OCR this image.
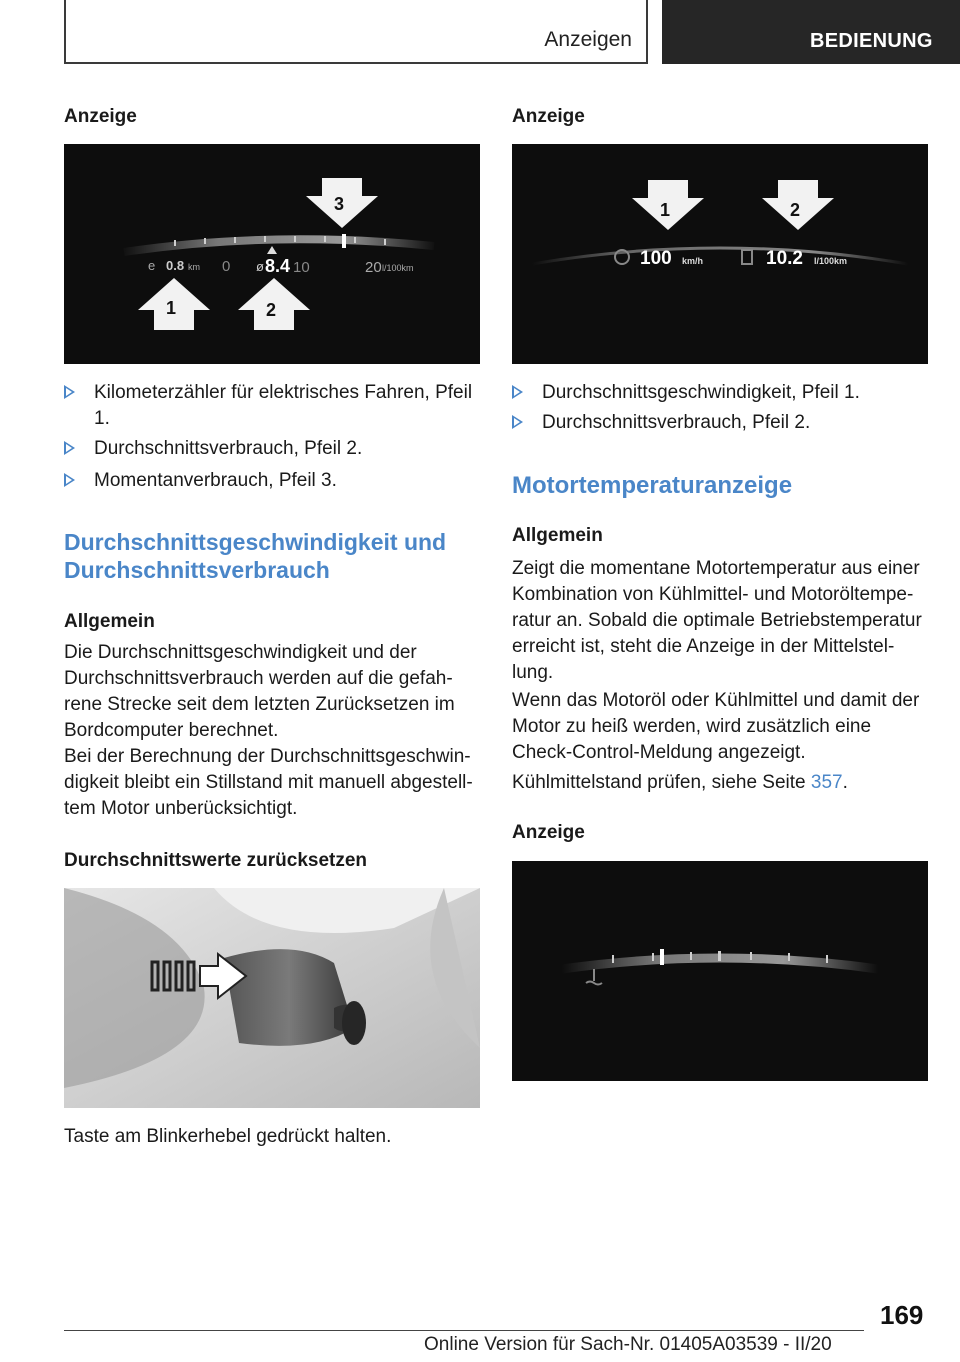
Anzeigen	BEDIENUNG
Anzeige
e 0.8 km 0 ø 8.4 10	20 l/100km
3
1	2
Kilometerzähler für elektrisches Fahren, Pfeil 1.
Durchschnittsverbrauch, Pfeil 2.
Momentanverbrauch, Pfeil 3.
Durchschnittsgeschwindigkeit und Durchschnittsverbrauch
Allgemein
Die Durchschnittsgeschwindigkeit und der Durchschnittsverbrauch werden auf die gefah-rene Strecke seit dem letzten Zurücksetzen im Bordcomputer berechnet.
Bei der Berechnung der Durchschnittsgeschwin-digkeit bleibt ein Stillstand mit manuell abgestell-tem Motor unberücksichtigt.
Durchschnittswerte zurücksetzen
Taste am Blinkerhebel gedrückt halten.
Anzeige
100 km/h	10.2 l/100km
1	2
Durchschnittsgeschwindigkeit, Pfeil 1.
Durchschnittsverbrauch, Pfeil 2.
Motortemperaturanzeige
Allgemein
Zeigt die momentane Motortemperatur aus einer Kombination von Kühlmittel- und Motoröltempe-ratur an. Sobald die optimale Betriebstemperatur erreicht ist, steht die Anzeige in der Mittelstel-lung.
Wenn das Motoröl oder Kühlmittel und damit der Motor zu heiß werden, wird zusätzlich eine Check-Control-Meldung angezeigt.
Kühlmittelstand prüfen, siehe Seite 357.
Anzeige
169
Online Version für Sach-Nr. 01405A03539 - II/20
